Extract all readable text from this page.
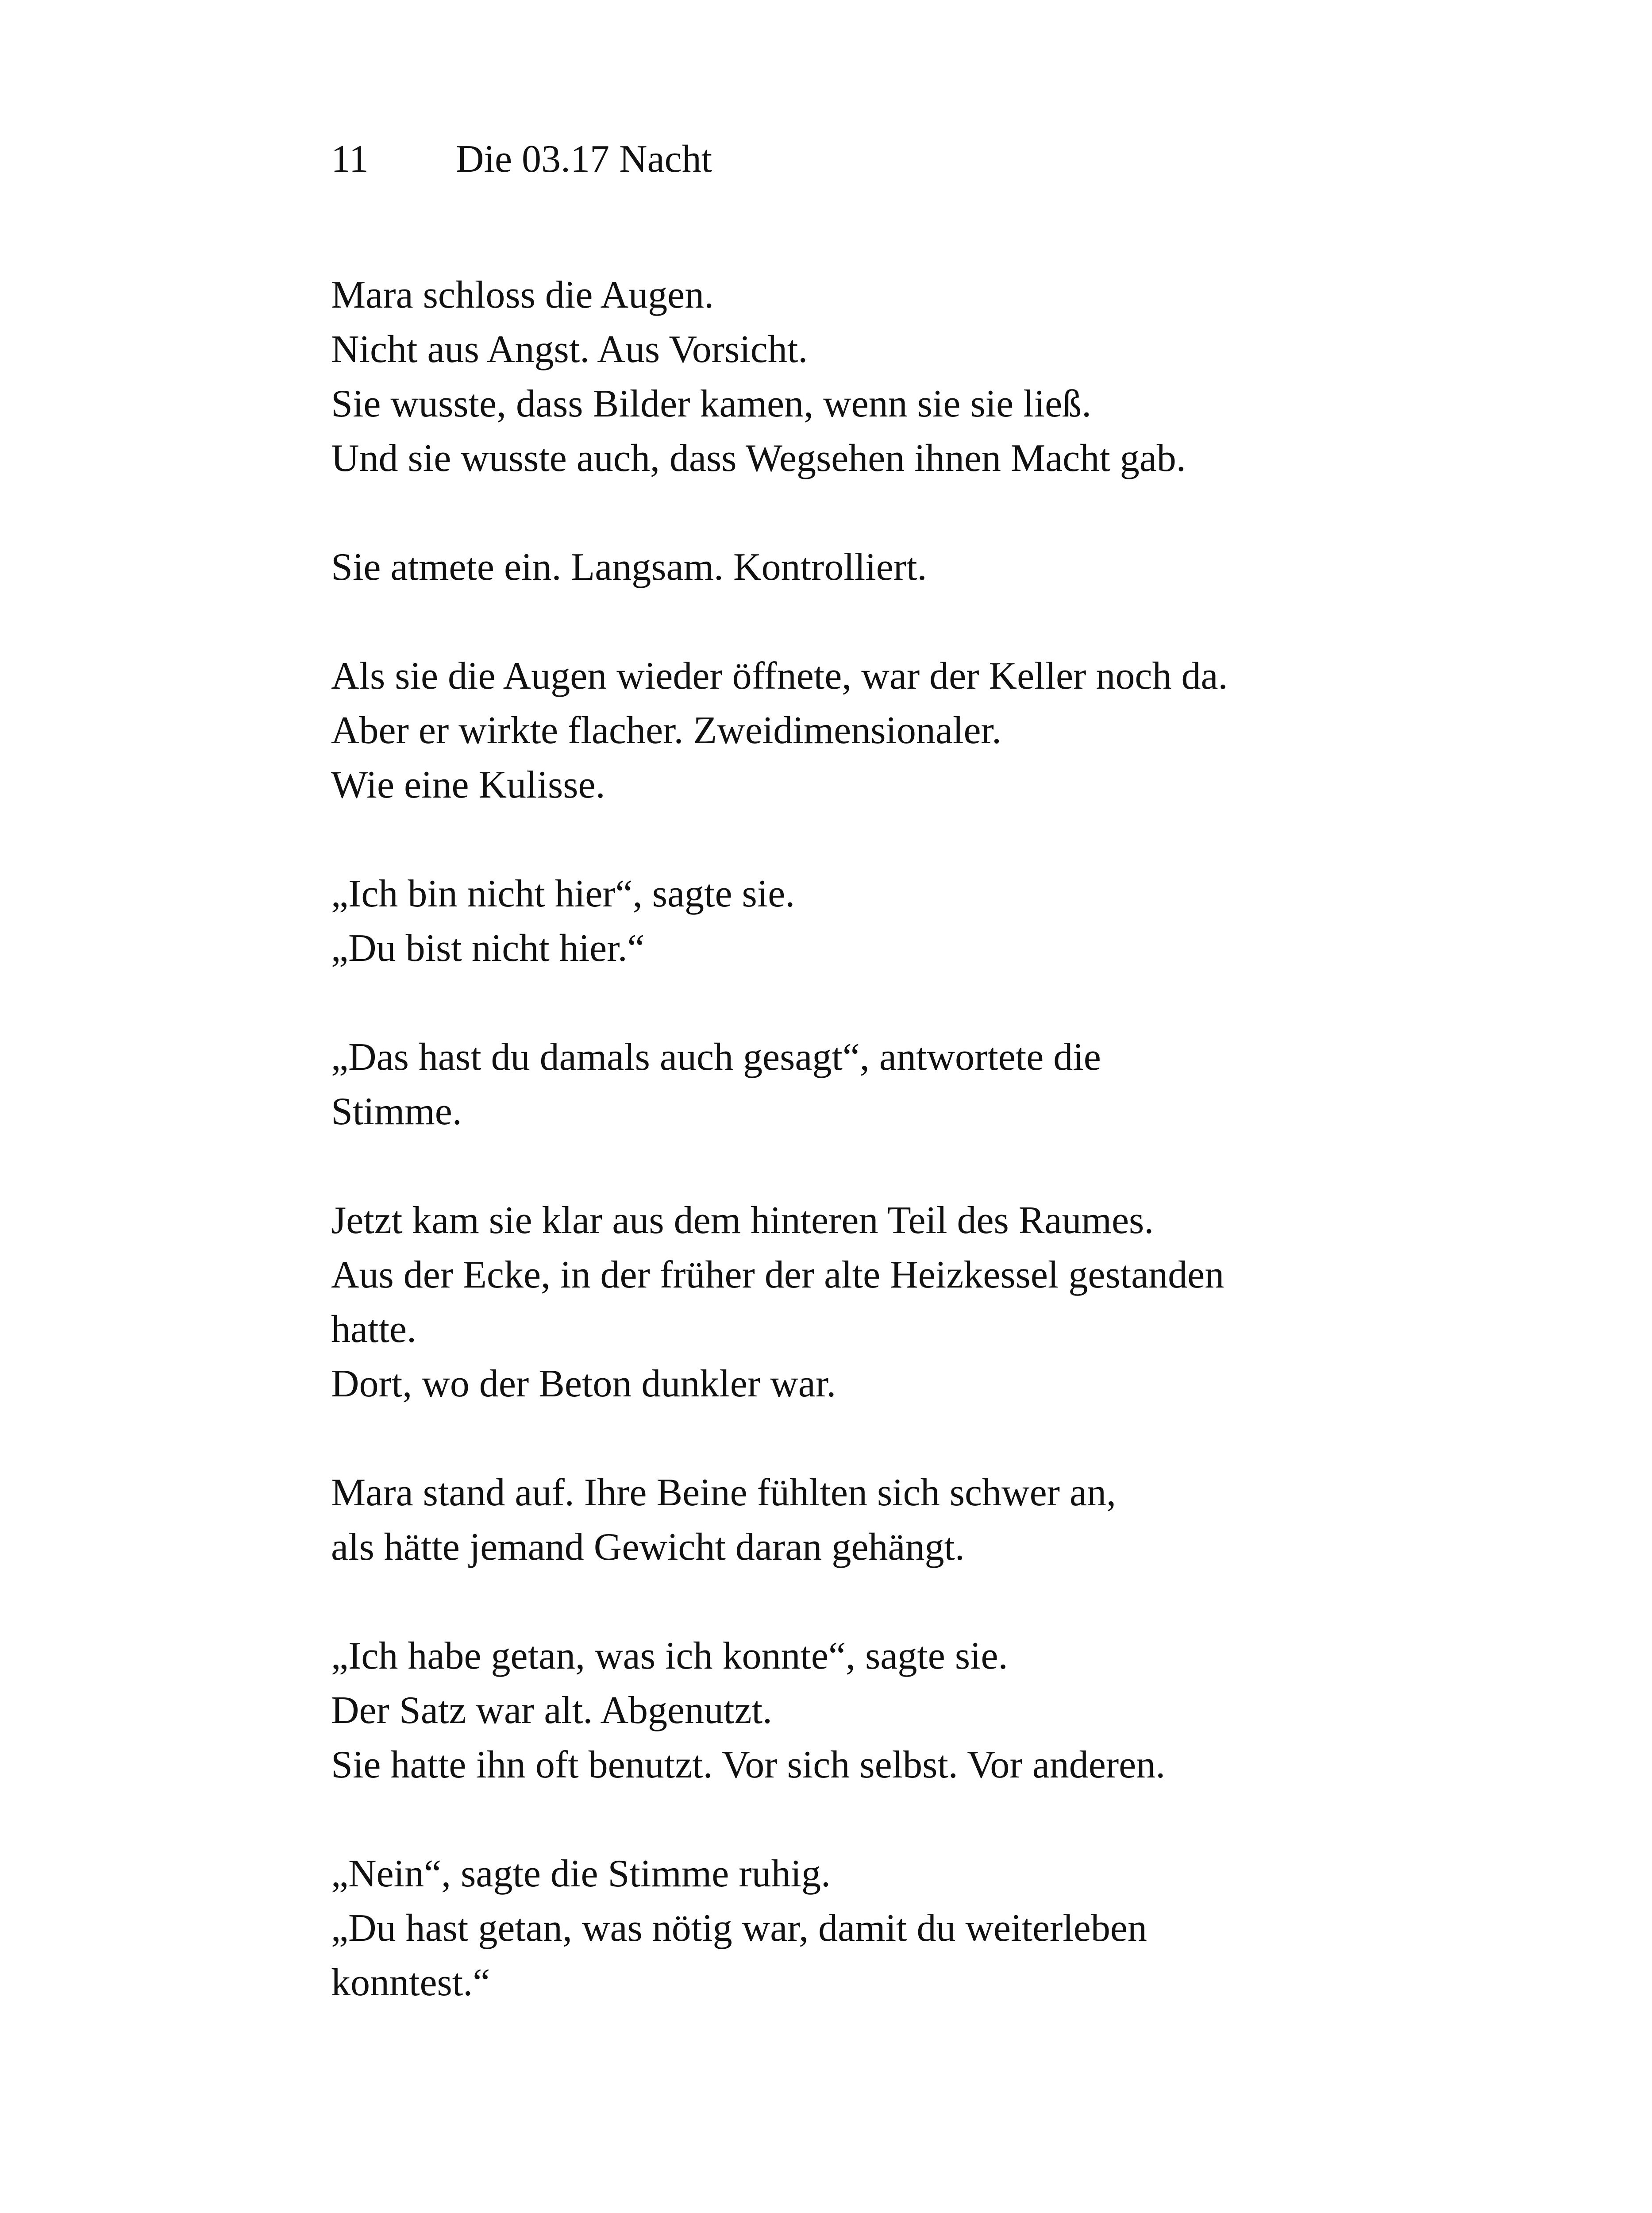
11 Die 03.17 Nacht
Mara schloss die Augen.
Nicht aus Angst. Aus Vorsicht.
Sie wusste, dass Bilder kamen, wenn sie sie ließ.
Und sie wusste auch, dass Wegsehen ihnen Macht gab.
Sie atmete ein. Langsam. Kontrolliert.
Als sie die Augen wieder öffnete, war der Keller noch da.
Aber er wirkte flacher. Zweidimensionaler.
Wie eine Kulisse.
„Ich bin nicht hier“, sagte sie.
„Du bist nicht hier.“
„Das hast du damals auch gesagt“, antwortete die
Stimme.
Jetzt kam sie klar aus dem hinteren Teil des Raumes.
Aus der Ecke, in der früher der alte Heizkessel gestanden
hatte.
Dort, wo der Beton dunkler war.
Mara stand auf. Ihre Beine fühlten sich schwer an,
als hätte jemand Gewicht daran gehängt.
„Ich habe getan, was ich konnte“, sagte sie.
Der Satz war alt. Abgenutzt.
Sie hatte ihn oft benutzt. Vor sich selbst. Vor anderen.
„Nein“, sagte die Stimme ruhig.
„Du hast getan, was nötig war, damit du weiterleben
konntest.“
